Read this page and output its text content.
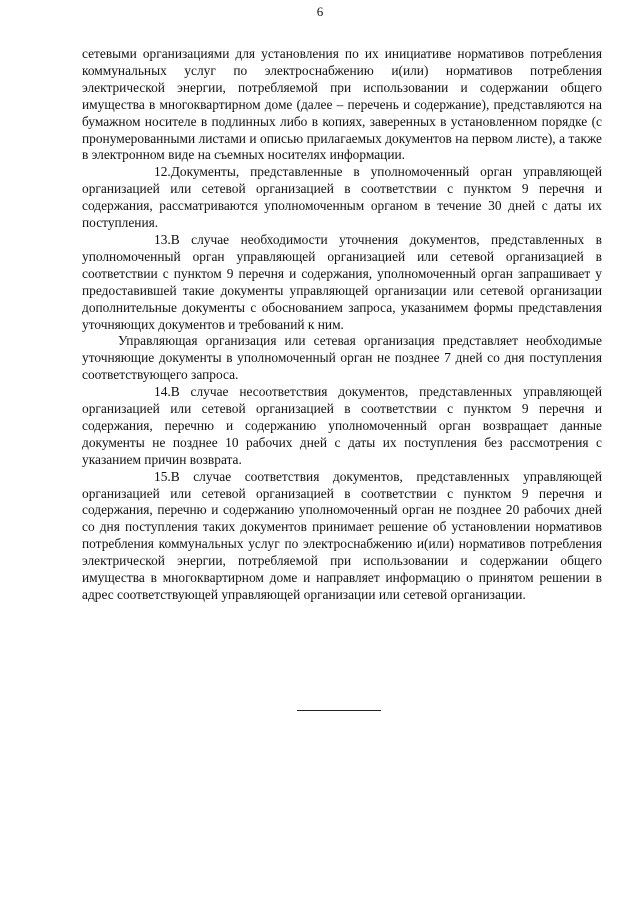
6

сетевыми организациями для установления по их инициативе нормативов потребления коммунальных услуг по электроснабжению и(или) нормативов потребления электрической энергии, потребляемой при использовании и содержании общего имущества в многоквартирном доме (далее – перечень и содержание), представляются на бумажном носителе в подлинных либо в копиях, заверенных в установленном порядке (с пронумерованными листами и описью прилагаемых документов на первом листе), а также в электронном виде на съемных носителях информации.

12.Документы, представленные в уполномоченный орган управляющей организацией или сетевой организацией в соответствии с пунктом 9 перечня и содержания, рассматриваются уполномоченным органом в течение 30 дней с даты их поступления.

13.В случае необходимости уточнения документов, представленных в уполномоченный орган управляющей организацией или сетевой организацией в соответствии с пунктом 9 перечня и содержания, уполномоченный орган запрашивает у предоставившей такие документы управляющей организации или сетевой организации дополнительные документы с обоснованием запроса, указанимем формы представления уточняющих документов и требований к ним.

Управляющая организация или сетевая организация представляет необходимые уточняющие документы в уполномоченный орган не позднее 7 дней со дня поступления соответствующего запроса.

14.В случае несоответствия документов, представленных управляющей организацией или сетевой организацией в соответствии с пунктом 9 перечня и содержания, перечню и содержанию уполномоченный орган возвращает данные документы не позднее 10 рабочих дней с даты их поступления без рассмотрения с указанием причин возврата.

15.В случае соответствия документов, представленных управляющей организацией или сетевой организацией в соответствии с пунктом 9 перечня и содержания, перечню и содержанию уполномоченный орган не позднее 20 рабочих дней со дня поступления таких документов принимает решение об установлении нормативов потребления коммунальных услуг по электроснабжению и(или) нормативов потребления электрической энергии, потребляемой при использовании и содержании общего имущества в многоквартирном доме и направляет информацию о принятом решении в адрес соответствующей управляющей организации или сетевой организации.
